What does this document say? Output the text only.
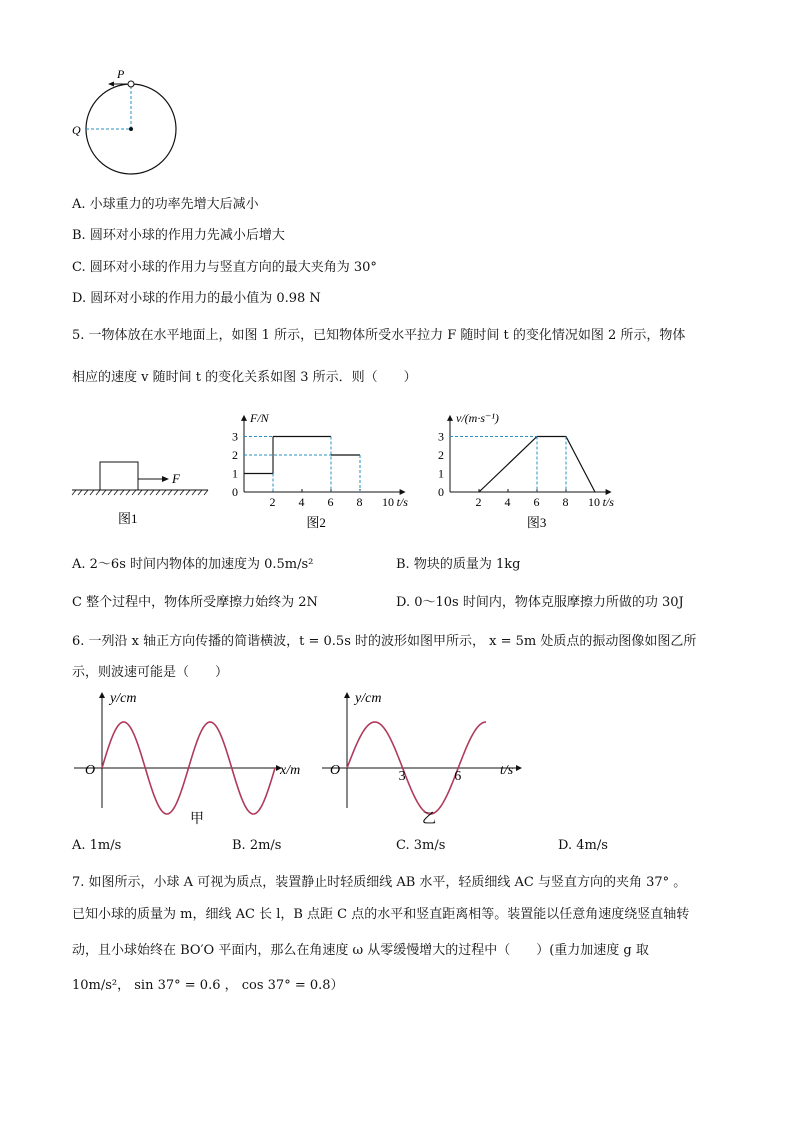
P
Q
A. 小球重力的功率先增大后减小
B. 圆环对小球的作用力先减小后增大
C. 圆环对小球的作用力与竖直方向的最大夹角为 30°
D. 圆环对小球的作用力的最小值为 0.98 N
5. 一物体放在水平地面上，如图 1 所示，已知物体所受水平拉力 F 随时间 t 的变化情况如图 2 所示，物体
相应的速度 v 随时间 t 的变化关系如图 3 所示．则（　　）
F
图1
2 4 6 8 10
0
1
2
3
t/s
F/N
图2
2 4 6 8 10
0
1
2
3
t/s
v/(m·s⁻¹)
图3
A. 2～6s 时间内物体的加速度为 0.5m/s²	B. 物块的质量为 1kg
C 整个过程中，物体所受摩擦力始终为 2N	D. 0～10s 时间内，物体克服摩擦力所做的功 30J
6. 一列沿 x 轴正方向传播的简谐横波，t = 0.5s 时的波形如图甲所示， x = 5m 处质点的振动图像如图乙所
示，则波速可能是（　　）
y/cm
x/m
O
甲
y/cm
t/s
O
乙
3	6
A. 1m/s	B. 2m/s	C. 3m/s	D. 4m/s
7. 如图所示，小球 A 可视为质点，装置静止时轻质细线 AB 水平，轻质细线 AC 与竖直方向的夹角 37° 。
已知小球的质量为 m，细线 AC 长 l，B 点距 C 点的水平和竖直距离相等。装置能以任意角速度绕竖直轴转
动，且小球始终在 BO′O 平面内，那么在角速度 ω 从零缓慢增大的过程中（　　）(重力加速度 g 取
10m/s²， sin 37° = 0.6 ， cos 37° = 0.8）
